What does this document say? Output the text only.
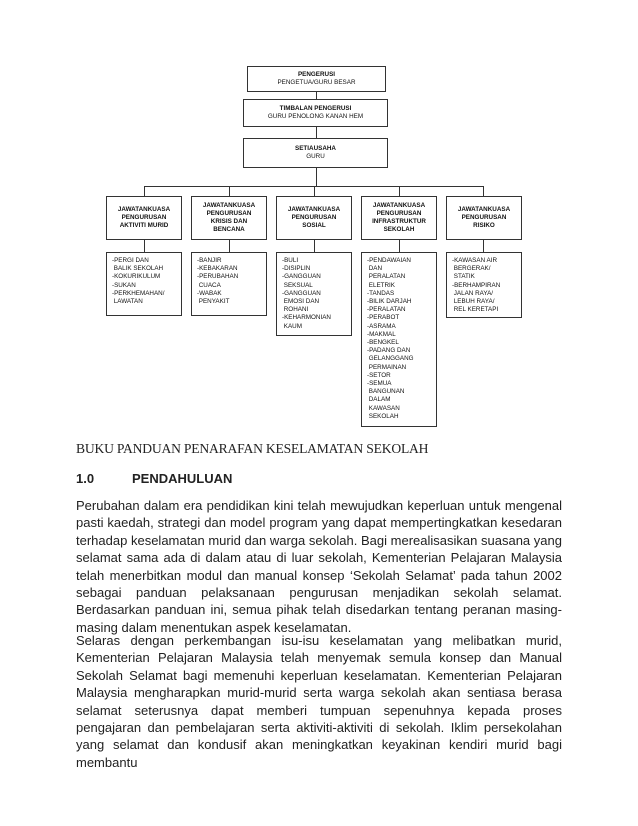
PENGERUSI
PENGETUA/GURU BESAR
TIMBALAN PENGERUSI
GURU PENOLONG KANAN HEM
SETIAUSAHA
GURU
JAWATANKUASA
PENGURUSAN
AKTIVITI MURID
-PERGI DAN
BALIK SEKOLAH
-KOKURIKULUM
-SUKAN
-PERKHEMAHAN/
LAWATAN
JAWATANKUASA
PENGURUSAN
KRISIS DAN
BENCANA
-BANJIR
-KEBAKARAN
-PERUBAHAN
CUACA
-WABAK
PENYAKIT
JAWATANKUASA
PENGURUSAN
SOSIAL
-BULI
-DISIPLIN
-GANGGUAN
SEKSUAL
-GANGGUAN
EMOSI DAN
ROHANI
-KEHARMONIAN
KAUM
JAWATANKUASA
PENGURUSAN
INFRASTRUKTUR
SEKOLAH
-PENDAWAIAN
DAN
PERALATAN
ELETRIK
-TANDAS
-BILIK DARJAH
-PERALATAN
-PERABOT
-ASRAMA
-MAKMAL
-BENGKEL
-PADANG DAN
GELANGGANG
PERMAINAN
-SETOR
-SEMUA
BANGUNAN
DALAM
KAWASAN
SEKOLAH
JAWATANKUASA
PENGURUSAN
RISIKO
-KAWASAN AIR
BERGERAK/
STATIK
-BERHAMPIRAN
JALAN RAYA/
LEBUH RAYA/
REL KERETAPI
BUKU PANDUAN PENARAFAN KESELAMATAN SEKOLAH
1.0	PENDAHULUAN

Perubahan dalam era pendidikan kini telah mewujudkan keperluan untuk mengenal pasti kaedah, strategi dan model program yang dapat mempertingkatkan kesedaran terhadap keselamatan murid dan warga sekolah. Bagi merealisasikan suasana yang selamat sama ada di dalam atau di luar sekolah, Kementerian Pelajaran Malaysia telah menerbitkan modul dan manual konsep ‘Sekolah Selamat’ pada tahun 2002 sebagai panduan pelaksanaan pengurusan menjadikan sekolah selamat. Berdasarkan panduan ini, semua pihak telah disedarkan tentang peranan masing-masing dalam menentukan aspek keselamatan.

Selaras dengan perkembangan isu-isu keselamatan yang melibatkan murid, Kementerian Pelajaran Malaysia telah menyemak semula konsep dan Manual Sekolah Selamat bagi memenuhi keperluan keselamatan. Kementerian Pelajaran Malaysia mengharapkan murid-murid serta warga sekolah akan sentiasa berasa selamat seterusnya dapat memberi tumpuan sepenuhnya kepada proses pengajaran dan pembelajaran serta aktiviti-aktiviti di sekolah. Iklim persekolahan yang selamat dan kondusif akan meningkatkan keyakinan kendiri murid bagi membantu
